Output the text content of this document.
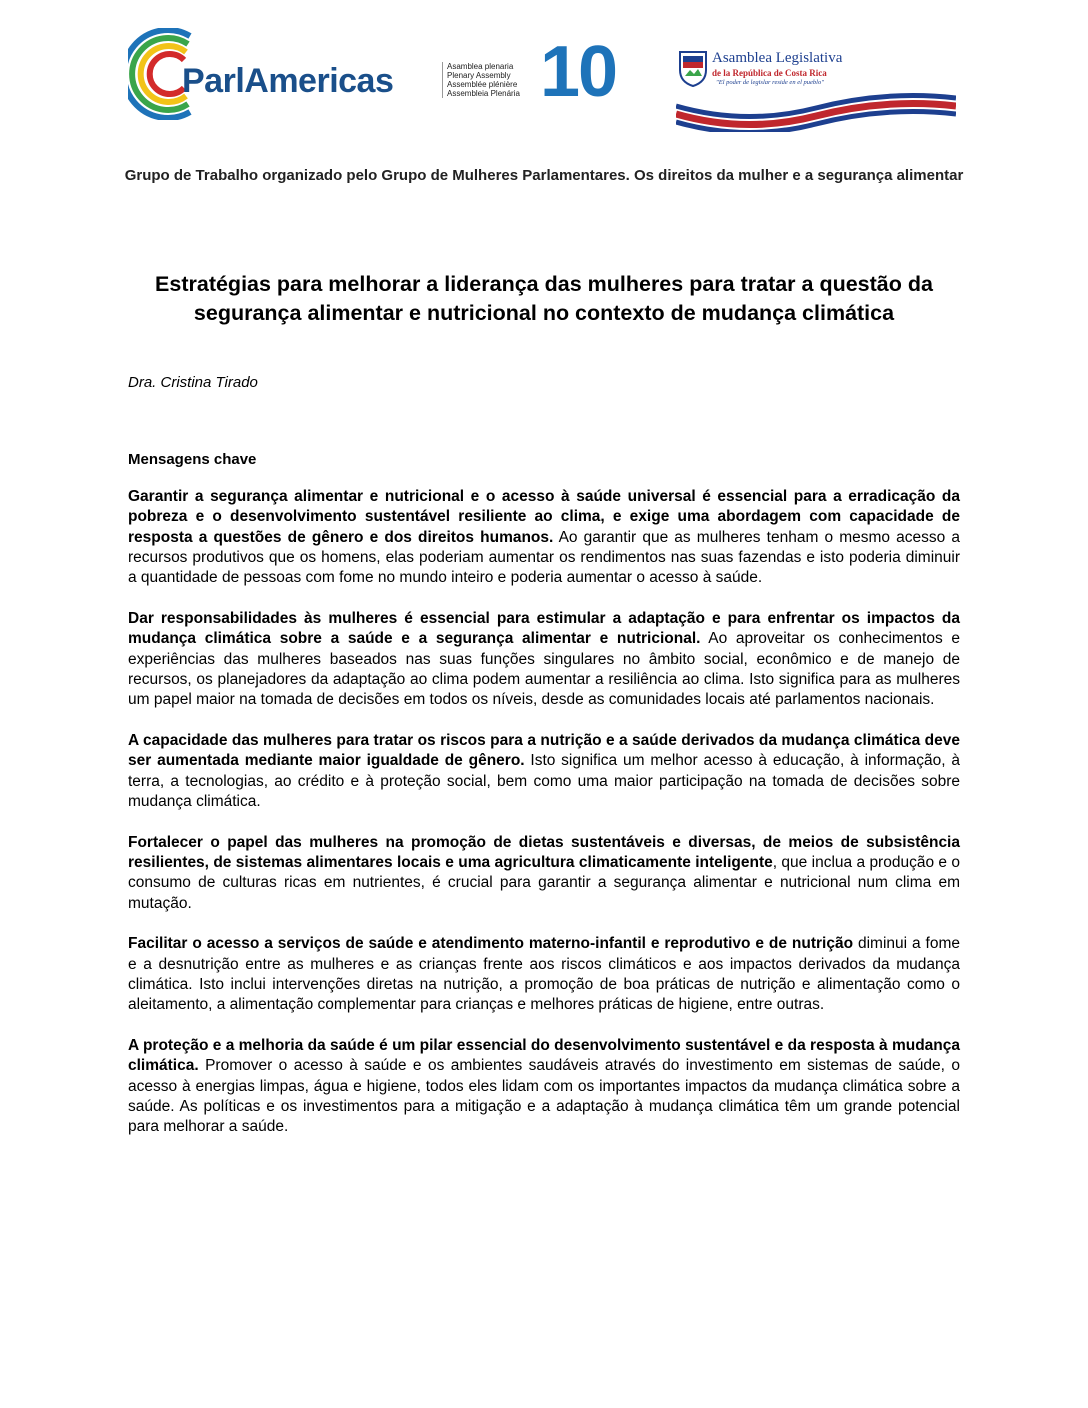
ParlAmericas	Asamblea plenaria
Plenary Assembly
Assemblée plénière
Assembleia Plenária 10	Asamblea Legislativa
de la República de Costa Rica
"El poder de legislar reside en el pueblo"
Grupo de Trabalho organizado pelo Grupo de Mulheres Parlamentares. Os direitos da mulher e a segurança alimentar
Estratégias para melhorar a liderança das mulheres para tratar a questão da segurança alimentar e nutricional no contexto de mudança climática
Dra. Cristina Tirado
Mensagens chave

Garantir a segurança alimentar e nutricional e o acesso à saúde universal é essencial para a erradicação da pobreza e o desenvolvimento sustentável resiliente ao clima, e exige uma abordagem com capacidade de resposta a questões de gênero e dos direitos humanos. Ao garantir que as mulheres tenham o mesmo acesso a recursos produtivos que os homens, elas poderiam aumentar os rendimentos nas suas fazendas e isto poderia diminuir a quantidade de pessoas com fome no mundo inteiro e poderia aumentar o acesso à saúde.

Dar responsabilidades às mulheres é essencial para estimular a adaptação e para enfrentar os impactos da mudança climática sobre a saúde e a segurança alimentar e nutricional. Ao aproveitar os conhecimentos e experiências das mulheres baseados nas suas funções singulares no âmbito social, econômico e de manejo de recursos, os planejadores da adaptação ao clima podem aumentar a resiliência ao clima. Isto significa para as mulheres um papel maior na tomada de decisões em todos os níveis, desde as comunidades locais até parlamentos nacionais.

A capacidade das mulheres para tratar os riscos para a nutrição e a saúde derivados da mudança climática deve ser aumentada mediante maior igualdade de gênero. Isto significa um melhor acesso à educação, à informação, à terra, a tecnologias, ao crédito e à proteção social, bem como uma maior participação na tomada de decisões sobre mudança climática.

Fortalecer o papel das mulheres na promoção de dietas sustentáveis e diversas, de meios de subsistência resilientes, de sistemas alimentares locais e uma agricultura climaticamente inteligente, que inclua a produção e o consumo de culturas ricas em nutrientes, é crucial para garantir a segurança alimentar e nutricional num clima em mutação.

Facilitar o acesso a serviços de saúde e atendimento materno-infantil e reprodutivo e de nutrição diminui a fome e a desnutrição entre as mulheres e as crianças frente aos riscos climáticos e aos impactos derivados da mudança climática. Isto inclui intervenções diretas na nutrição, a promoção de boa práticas de nutrição e alimentação como o aleitamento, a alimentação complementar para crianças e melhores práticas de higiene, entre outras.

A proteção e a melhoria da saúde é um pilar essencial do desenvolvimento sustentável e da resposta à mudança climática. Promover o acesso à saúde e os ambientes saudáveis através do investimento em sistemas de saúde, o acesso à energias limpas, água e higiene, todos eles lidam com os importantes impactos da mudança climática sobre a saúde. As políticas e os investimentos para a mitigação e a adaptação à mudança climática têm um grande potencial para melhorar a saúde.
